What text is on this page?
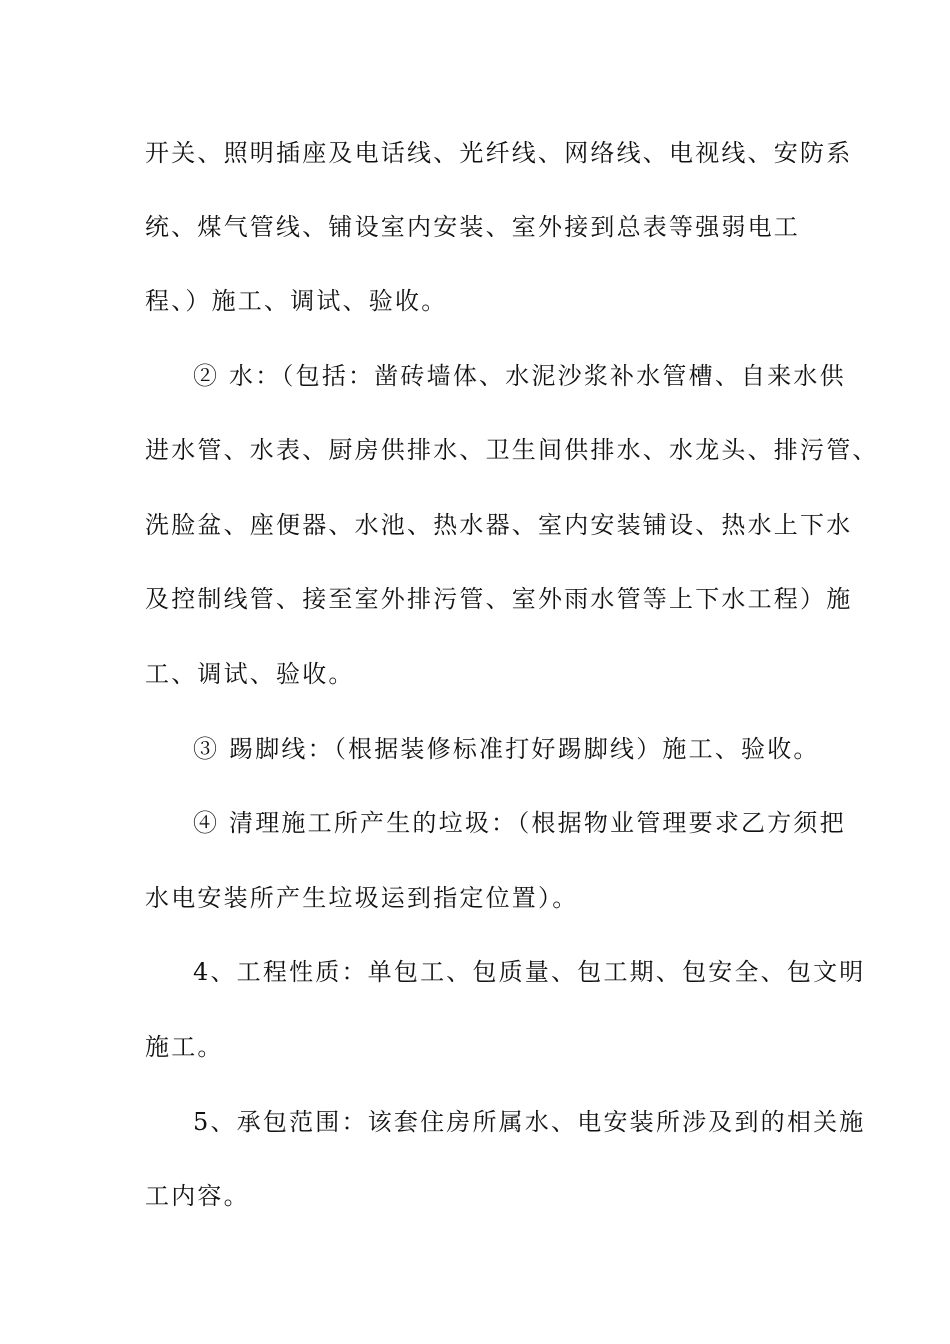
开关、照明插座及电话线、光纤线、网络线、电视线、安防系
统、煤气管线、铺设室内安装、室外接到总表等强弱电工
程、）施工、调试、验收。
② 水：（包括：凿砖墙体、水泥沙浆补水管槽、自来水供
进水管、水表、厨房供排水、卫生间供排水、水龙头、排污管、
洗脸盆、座便器、水池、热水器、室内安装铺设、热水上下水
及控制线管、接至室外排污管、室外雨水管等上下水工程）施
工、调试、验收。
③ 踢脚线：（根据装修标准打好踢脚线）施工、验收。
④ 清理施工所产生的垃圾：（根据物业管理要求乙方须把
水电安装所产生垃圾运到指定位置）。
4、工程性质：单包工、包质量、包工期、包安全、包文明
施工。
5、承包范围：该套住房所属水、电安装所涉及到的相关施
工内容。
